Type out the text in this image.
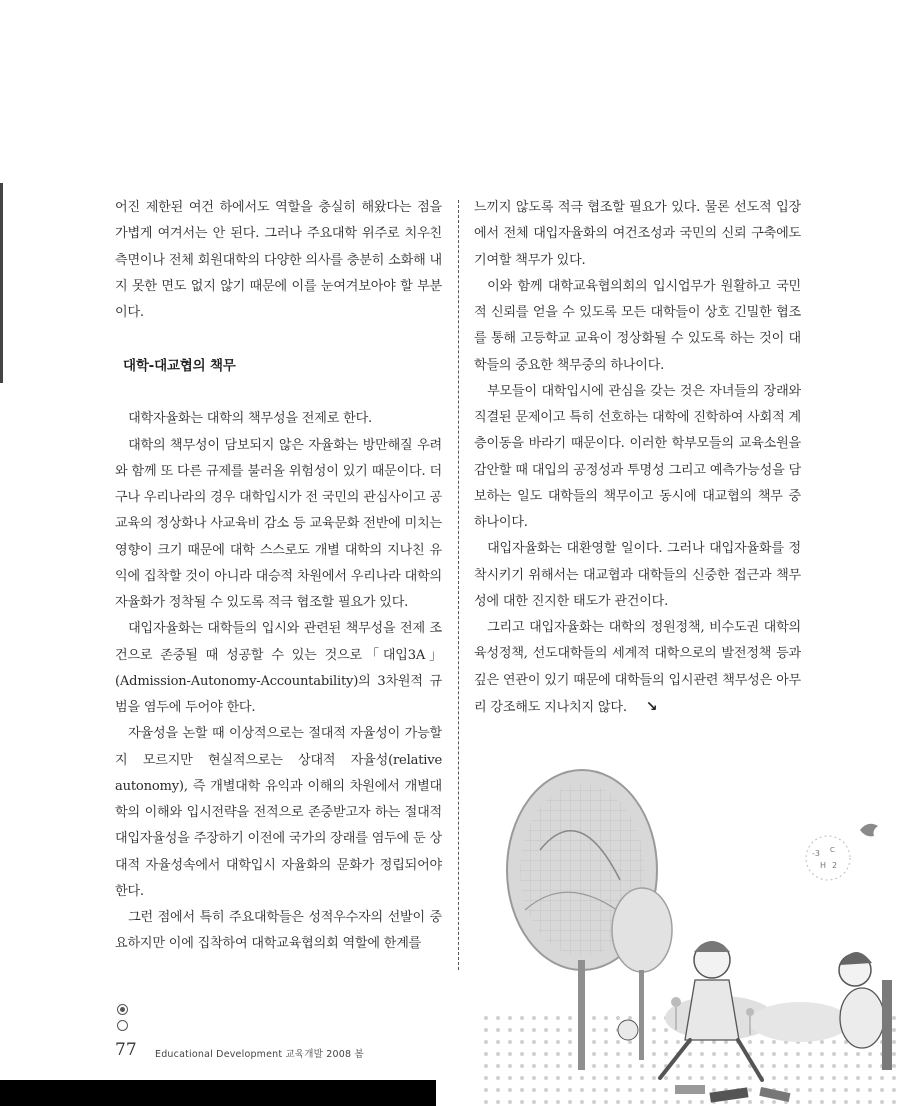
어진 제한된 여건 하에서도 역할을 충실히 해왔다는 점을 가볍게 여겨서는 안 된다. 그러나 주요대학 위주로 치우친 측면이나 전체 회원대학의 다양한 의사를 충분히 소화해 내지 못한 면도 없지 않기 때문에 이를 눈여겨보아야 할 부분이다.

대학-대교협의 책무

대학자율화는 대학의 책무성을 전제로 한다.

대학의 책무성이 담보되지 않은 자율화는 방만해질 우려와 함께 또 다른 규제를 불러올 위험성이 있기 때문이다. 더구나 우리나라의 경우 대학입시가 전 국민의 관심사이고 공교육의 정상화나 사교육비 감소 등 교육문화 전반에 미치는 영향이 크기 때문에 대학 스스로도 개별 대학의 지나친 유익에 집착할 것이 아니라 대승적 차원에서 우리나라 대학의 자율화가 정착될 수 있도록 적극 협조할 필요가 있다.

대입자율화는 대학들의 입시와 관련된 책무성을 전제 조건으로 존중될 때 성공할 수 있는 것으로「대입3A」(Admission-Autonomy-Accountability)의 3차원적 규범을 염두에 두어야 한다.

자율성을 논할 때 이상적으로는 절대적 자율성이 가능할지 모르지만 현실적으로는 상대적 자율성(relative autonomy), 즉 개별대학 유익과 이해의 차원에서 개별대학의 이해와 입시전략을 전적으로 존중받고자 하는 절대적 대입자율성을 주장하기 이전에 국가의 장래를 염두에 둔 상대적 자율성속에서 대학입시 자율화의 문화가 정립되어야한다.

그런 점에서 특히 주요대학들은 성적우수자의 선발이 중요하지만 이에 집착하여 대학교육협의회 역할에 한계를

느끼지 않도록 적극 협조할 필요가 있다. 물론 선도적 입장에서 전체 대입자율화의 여건조성과 국민의 신뢰 구축에도 기여할 책무가 있다.

이와 함께 대학교육협의회의 입시업무가 원활하고 국민적 신뢰를 얻을 수 있도록 모든 대학들이 상호 긴밀한 협조를 통해 고등학교 교육이 정상화될 수 있도록 하는 것이 대학들의 중요한 책무중의 하나이다.

부모들이 대학입시에 관심을 갖는 것은 자녀들의 장래와 직결된 문제이고 특히 선호하는 대학에 진학하여 사회적 계층이동을 바라기 때문이다. 이러한 학부모들의 교육소원을 감안할 때 대입의 공정성과 투명성 그리고 예측가능성을 담보하는 일도 대학들의 책무이고 동시에 대교협의 책무 중 하나이다.

대입자율화는 대환영할 일이다. 그러나 대입자율화를 정착시키기 위해서는 대교협과 대학들의 신중한 접근과 책무성에 대한 진지한 태도가 관건이다.

그리고 대입자율화는 대학의 정원정책, 비수도권 대학의 육성정책, 선도대학들의 세계적 대학으로의 발전정책 등과 깊은 연관이 있기 때문에 대학들의 입시관련 책무성은 아무리 강조해도 지나치지 않다. ↘

-3 C
H 2
77 Educational Development 교육개발 2008 봄
